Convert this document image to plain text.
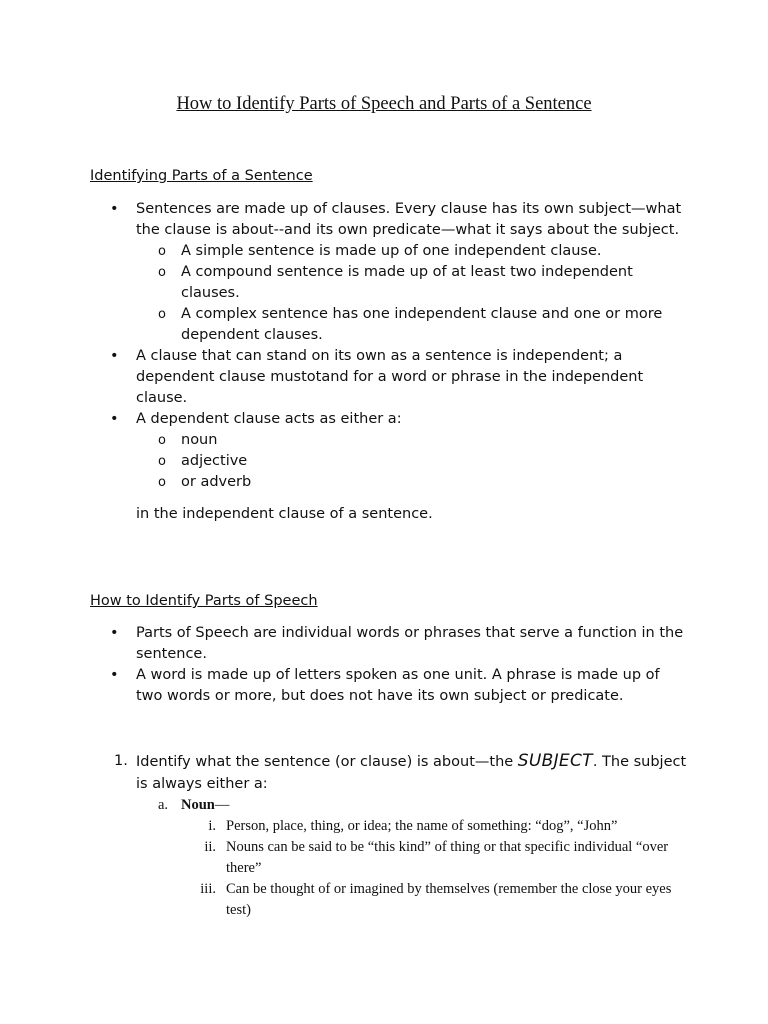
How to Identify Parts of Speech and Parts of a Sentence
Identifying Parts of a Sentence
• Sentences are made up of clauses. Every clause has its own subject—what the clause is about--and its own predicate—what it says about the subject.
o A simple sentence is made up of one independent clause.
o A compound sentence is made up of at least two independent clauses.
o A complex sentence has one independent clause and one or more dependent clauses.
• A clause that can stand on its own as a sentence is independent; a dependent clause mustotand for a word or phrase in the independent clause.
• A dependent clause acts as either a:
o noun
o adjective
o or adverb
in the independent clause of a sentence.
How to Identify Parts of Speech
• Parts of Speech are individual words or phrases that serve a function in the sentence.
• A word is made up of letters spoken as one unit. A phrase is made up of two words or more, but does not have its own subject or predicate.
1. Identify what the sentence (or clause) is about—the SUBJECT. The subject is always either a:
a. Noun—
i. Person, place, thing, or idea; the name of something: “dog”, “John”
ii. Nouns can be said to be “this kind” of thing or that specific individual “over there”
iii. Can be thought of or imagined by themselves (remember the close your eyes test)
